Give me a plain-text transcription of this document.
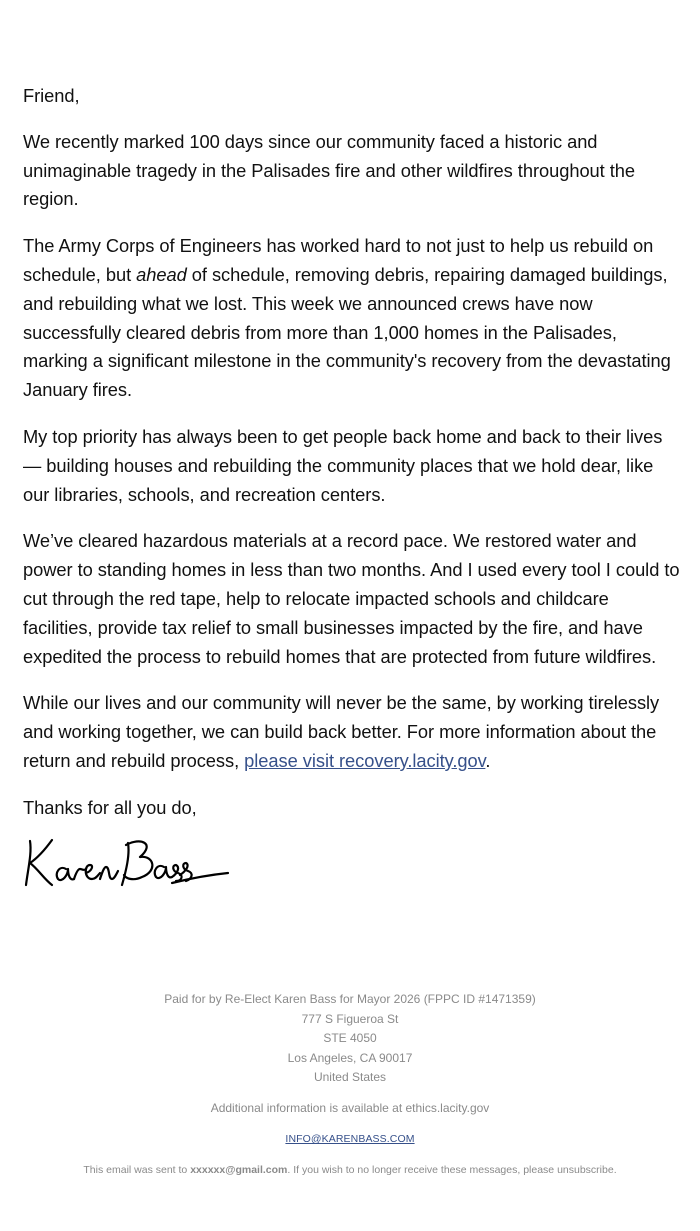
Friend,

We recently marked 100 days since our community faced a historic and unimaginable tragedy in the Palisades fire and other wildfires throughout the region.

The Army Corps of Engineers has worked hard to not just to help us rebuild on schedule, but ahead of schedule, removing debris, repairing damaged buildings, and rebuilding what we lost. This week we announced crews have now successfully cleared debris from more than 1,000 homes in the Palisades, marking a significant milestone in the community's recovery from the devastating January fires.

My top priority has always been to get people back home and back to their lives — building houses and rebuilding the community places that we hold dear, like our libraries, schools, and recreation centers.

We’ve cleared hazardous materials at a record pace. We restored water and power to standing homes in less than two months. And I used every tool I could to cut through the red tape, help to relocate impacted schools and childcare facilities, provide tax relief to small businesses impacted by the fire, and have expedited the process to rebuild homes that are protected from future wildfires.

While our lives and our community will never be the same, by working tirelessly and working together, we can build back better. For more information about the return and rebuild process, please visit recovery.lacity.gov.

Thanks for all you do,

Paid for by Re-Elect Karen Bass for Mayor 2026 (FPPC ID #1471359)
777 S Figueroa St
STE 4050
Los Angeles, CA 90017
United States
Additional information is available at ethics.lacity.gov
INFO@KARENBASS.COM
This email was sent to xxxxxx@gmail.com. If you wish to no longer receive these messages, please unsubscribe.
